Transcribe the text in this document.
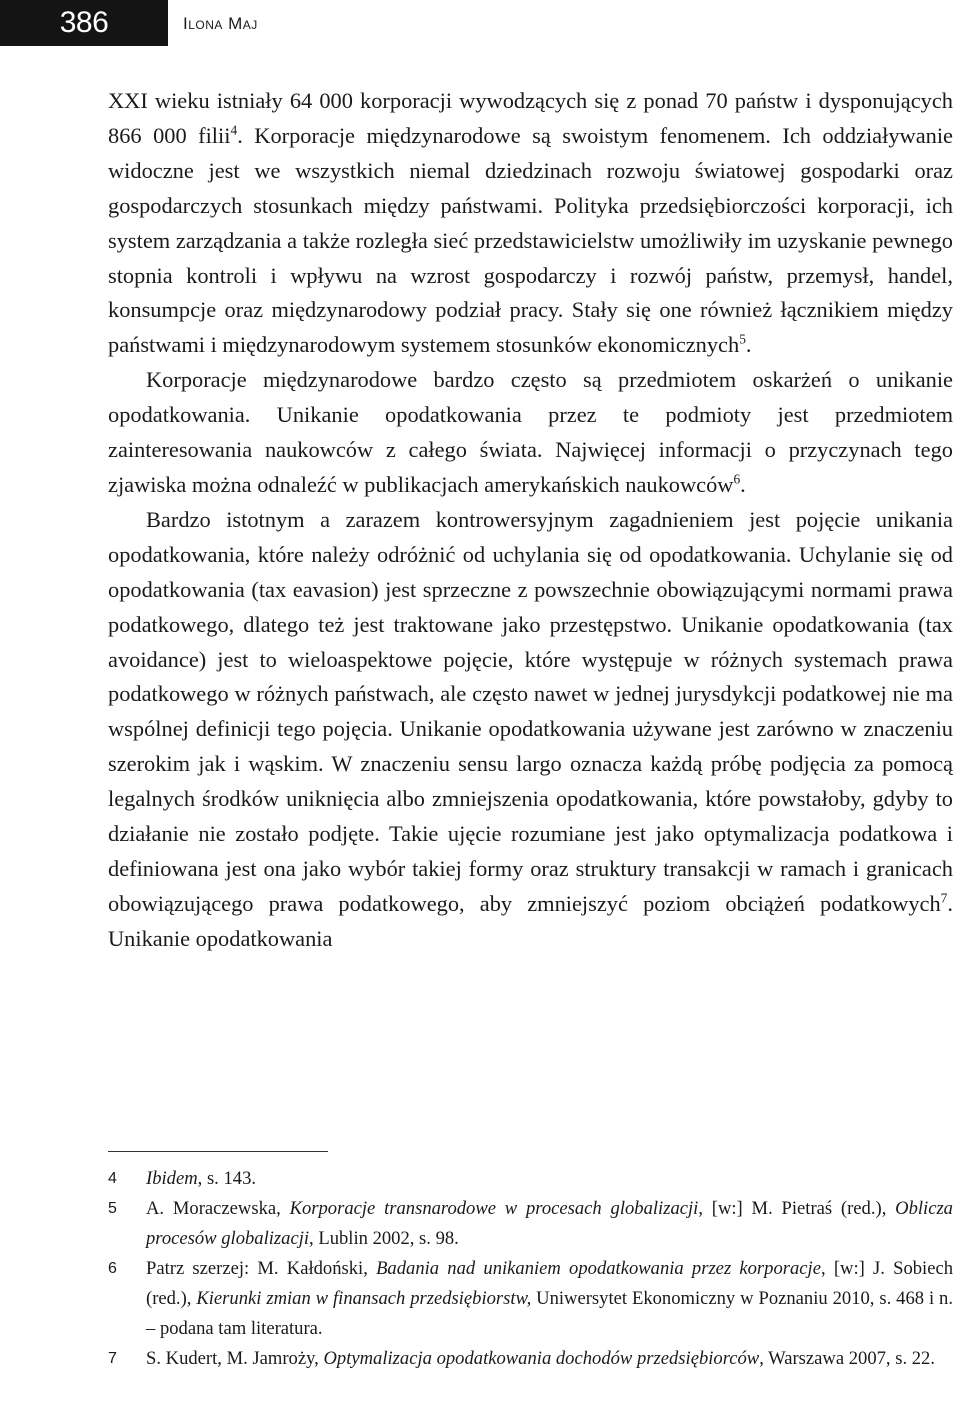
386	Ilona Maj

XXI wieku istniały 64 000 korporacji wywodzących się z ponad 70 państw i dysponujących 866 000 filii$^4$. Korporacje międzynarodowe są swoistym fenomenem. Ich oddziaływanie widoczne jest we wszystkich niemal dziedzinach rozwoju światowej gospodarki oraz gospodarczych stosunkach między państwami. Polityka przedsiębiorczości korporacji, ich system zarządzania a także rozległa sieć przedstawicielstw umożliwiły im uzyskanie pewnego stopnia kontroli i wpływu na wzrost gospodarczy i rozwój państw, przemysł, handel, konsumpcje oraz międzynarodowy podział pracy. Stały się one również łącznikiem między państwami i międzynarodowym systemem stosunków ekonomicznych$^5$.

Korporacje międzynarodowe bardzo często są przedmiotem oskarżeń o unikanie opodatkowania. Unikanie opodatkowania przez te podmioty jest przedmiotem zainteresowania naukowców z całego świata. Najwięcej informacji o przyczynach tego zjawiska można odnaleźć w publikacjach amerykańskich naukowców$^6$.

Bardzo istotnym a zarazem kontrowersyjnym zagadnieniem jest pojęcie unikania opodatkowania, które należy odróżnić od uchylania się od opodatkowania. Uchylanie się od opodatkowania (tax eavasion) jest sprzeczne z powszechnie obowiązującymi normami prawa podatkowego, dlatego też jest traktowane jako przestępstwo. Unikanie opodatkowania (tax avoidance) jest to wieloaspektowe pojęcie, które występuje w różnych systemach prawa podatkowego w różnych państwach, ale często nawet w jednej jurysdykcji podatkowej nie ma wspólnej definicji tego pojęcia. Unikanie opodatkowania używane jest zarówno w znaczeniu szerokim jak i wąskim. W znaczeniu sensu largo oznacza każdą próbę podjęcia za pomocą legalnych środków uniknięcia albo zmniejszenia opodatkowania, które powstałoby, gdyby to działanie nie zostało podjęte. Takie ujęcie rozumiane jest jako optymalizacja podatkowa i definiowana jest ona jako wybór takiej formy oraz struktury transakcji w ramach i granicach obowiązującego prawa podatkowego, aby zmniejszyć poziom obciążeń podatkowych$^7$. Unikanie opodatkowania

4	Ibidem, s. 143.
5	A. Moraczewska, Korporacje transnarodowe w procesach globalizacji, [w:] M. Pietraś (red.), Oblicza procesów globalizacji, Lublin 2002, s. 98.
6	Patrz szerzej: M. Kałdoński, Badania nad unikaniem opodatkowania przez korporacje, [w:] J. Sobiech (red.), Kierunki zmian w finansach przedsiębiorstw, Uniwersytet Ekonomiczny w Poznaniu 2010, s. 468 i n. – podana tam literatura.
7	S. Kudert, M. Jamroży, Optymalizacja opodatkowania dochodów przedsiębiorców, Warszawa 2007, s. 22.
